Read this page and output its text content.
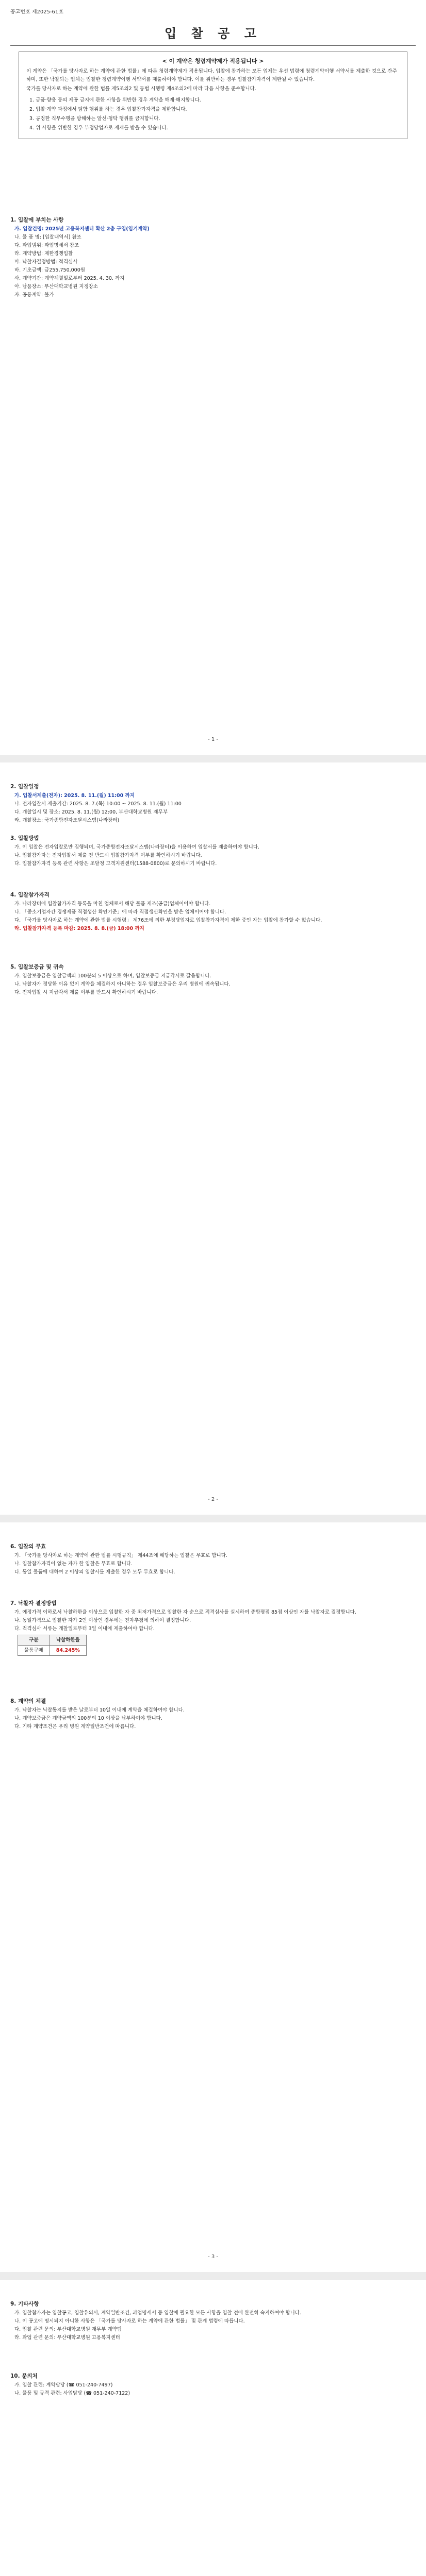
공고번호 제2025-61호
입 찰 공 고
< 이 계약은 청렴계약제가 적용됩니다 >

이 계약은 「국가를 당사자로 하는 계약에 관한 법률」에 따른 청렴계약제가 적용됩니다. 입찰에 참가하는 모든 업체는 우선 법령에 청렴계약이행 서약서를 제출한 것으로 간주하며, 또한 낙찰되는 업체는 입찰한 청렴계약이행 서약서를 제출하여야 합니다. 이를 위반하는 경우 입찰참가자격이 제한될 수 있습니다.

국가를 당사자로 하는 계약에 관한 법률 제5조의2 및 동법 시행령 제4조의2에 따라 다음 사항을 준수합니다.

1. 금품·향응 등의 제공 금지에 관한 사항을 위반한 경우 계약을 해제·해지합니다.
2. 입찰·계약 과정에서 담합 행위를 하는 경우 입찰참가자격을 제한합니다.
3. 공정한 직무수행을 방해하는 알선·청탁 행위를 금지합니다.
4. 위 사항을 위반한 경우 부정당업자로 제재를 받을 수 있습니다.
1. 입찰에 부치는 사항
가. 입찰건명: 2025년 고용복지센터 확산 2층 구입(임기계약)
나. 물 품 명: [입찰내역서] 참조
다. 과업범위: 과업명세서 참조
라. 계약방법: 제한경쟁입찰
마. 낙찰자결정방법: 적격심사
바. 기초금액: 금255,750,000원
사. 계약기간: 계약체결일로부터 2025. 4. 30. 까지
아. 납품장소: 부산대학교병원 지정장소
자. 공동계약: 불가
- 1 -
2. 입찰일정
가. 입찰서제출(전자): 2025. 8. 11.(월) 11:00 까지
나. 전자입찰서 제출기간: 2025. 8. 7.(목) 10:00 ~ 2025. 8. 11.(월) 11:00
다. 개찰일시 및 장소: 2025. 8. 11.(월) 12:00, 부산대학교병원 재무부
라. 개찰장소: 국가종합전자조달시스템(나라장터)
3. 입찰방법
가. 이 입찰은 전자입찰로만 집행되며, 국가종합전자조달시스템(나라장터)을 이용하여 입찰서를 제출하여야 합니다.
나. 입찰참가자는 전자입찰서 제출 전 반드시 입찰참가자격 여부를 확인하시기 바랍니다.
다. 입찰참가자격 등록 관련 사항은 조달청 고객지원센터(1588-0800)로 문의하시기 바랍니다.
4. 입찰참가자격
가. 나라장터에 입찰참가자격 등록을 마친 업체로서 해당 물품 제조(공급)업체이어야 합니다.
나. 「중소기업자간 경쟁제품 직접생산 확인기준」에 따라 직접생산확인을 받은 업체이어야 합니다.
다. 「국가를 당사자로 하는 계약에 관한 법률 시행령」 제76조에 의한 부정당업자로 입찰참가자격이 제한 중인 자는 입찰에 참가할 수 없습니다.
라. 입찰참가자격 등록 마감: 2025. 8. 8.(금) 18:00 까지
5. 입찰보증금 및 귀속
가. 입찰보증금은 입찰금액의 100분의 5 이상으로 하며, 입찰보증금 지급각서로 갈음합니다.
나. 낙찰자가 정당한 이유 없이 계약을 체결하지 아니하는 경우 입찰보증금은 우리 병원에 귀속됩니다.
다. 전자입찰 시 지급각서 제출 여부를 반드시 확인하시기 바랍니다.
- 2 -
6. 입찰의 무효
가. 「국가를 당사자로 하는 계약에 관한 법률 시행규칙」 제44조에 해당하는 입찰은 무효로 합니다.
나. 입찰참가자격이 없는 자가 한 입찰은 무효로 합니다.
다. 동일 물품에 대하여 2 이상의 입찰서를 제출한 경우 모두 무효로 합니다.
7. 낙찰자 결정방법
가. 예정가격 이하로서 낙찰하한율 이상으로 입찰한 자 중 최저가격으로 입찰한 자 순으로 적격심사를 실시하여 종합평점 85점 이상인 자를 낙찰자로 결정합니다.
나. 동일가격으로 입찰한 자가 2인 이상인 경우에는 전자추첨에 의하여 결정합니다.
다. 적격심사 서류는 개찰일로부터 3일 이내에 제출하여야 합니다.
구분	낙찰하한율
물품구매	84.245%
8. 계약의 체결
가. 낙찰자는 낙찰통지를 받은 날로부터 10일 이내에 계약을 체결하여야 합니다.
나. 계약보증금은 계약금액의 100분의 10 이상을 납부하여야 합니다.
다. 기타 계약조건은 우리 병원 계약일반조건에 따릅니다.
- 3 -
9. 기타사항
가. 입찰참가자는 입찰공고, 입찰유의서, 계약일반조건, 과업명세서 등 입찰에 필요한 모든 사항을 입찰 전에 완전히 숙지하여야 합니다.
나. 이 공고에 명시되지 아니한 사항은 「국가를 당사자로 하는 계약에 관한 법률」 및 관계 법령에 따릅니다.
다. 입찰 관련 문의: 부산대학교병원 재무부 계약팀
라. 과업 관련 문의: 부산대학교병원 고용복지센터
10. 문의처
가. 입찰 관련: 계약담당 (☎ 051-240-7497)
나. 물품 및 규격 관련: 사업담당 (☎ 051-240-7122)
